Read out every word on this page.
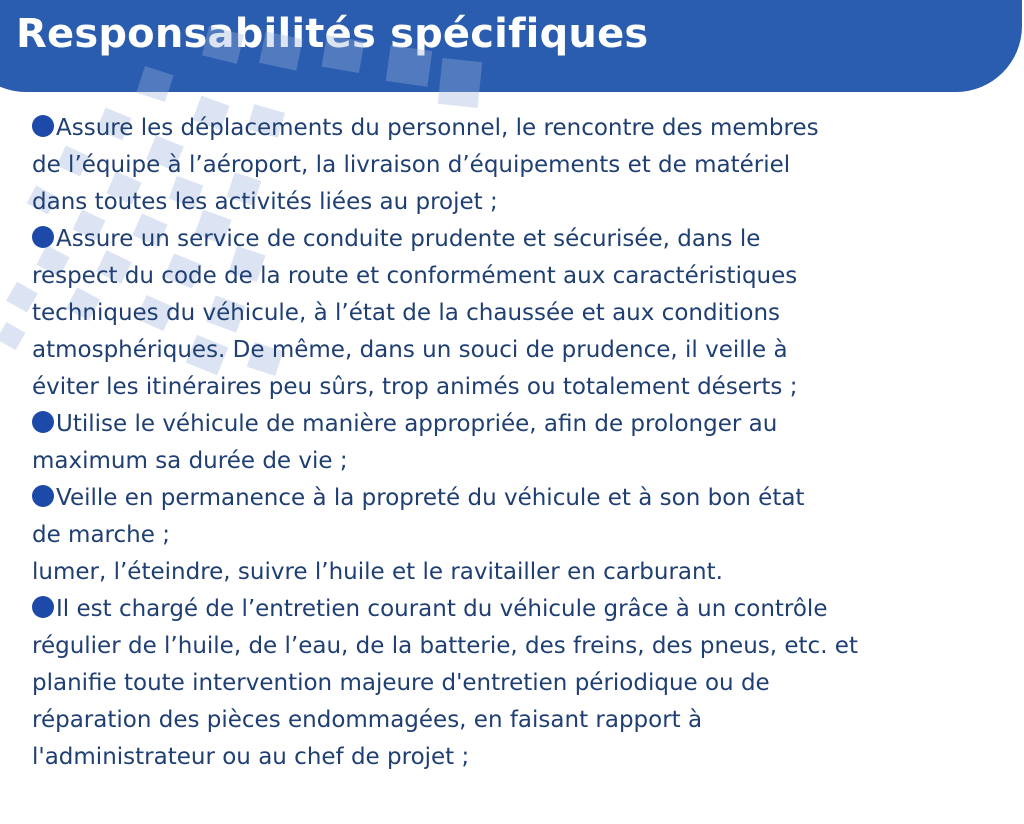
Responsabilités spécifiques

Assure les déplacements du personnel, le rencontre des membres
de l’équipe à l’aéroport, la livraison d’équipements et de matériel
dans toutes les activités liées au projet ;

Assure un service de conduite prudente et sécurisée, dans le
respect du code de la route et conformément aux caractéristiques
techniques du véhicule, à l’état de la chaussée et aux conditions
atmosphériques. De même, dans un souci de prudence, il veille à
éviter les itinéraires peu sûrs, trop animés ou totalement déserts ;

Utilise le véhicule de manière appropriée, afin de prolonger au
maximum sa durée de vie ;

Veille en permanence à la propreté du véhicule et à son bon état
de marche ;

lumer, l’éteindre, suivre l’huile et le ravitailler en carburant.

Il est chargé de l’entretien courant du véhicule grâce à un contrôle
régulier de l’huile, de l’eau, de la batterie, des freins, des pneus, etc. et
planifie toute intervention majeure d'entretien périodique ou de
réparation des pièces endommagées, en faisant rapport à
l'administrateur ou au chef de projet ;
